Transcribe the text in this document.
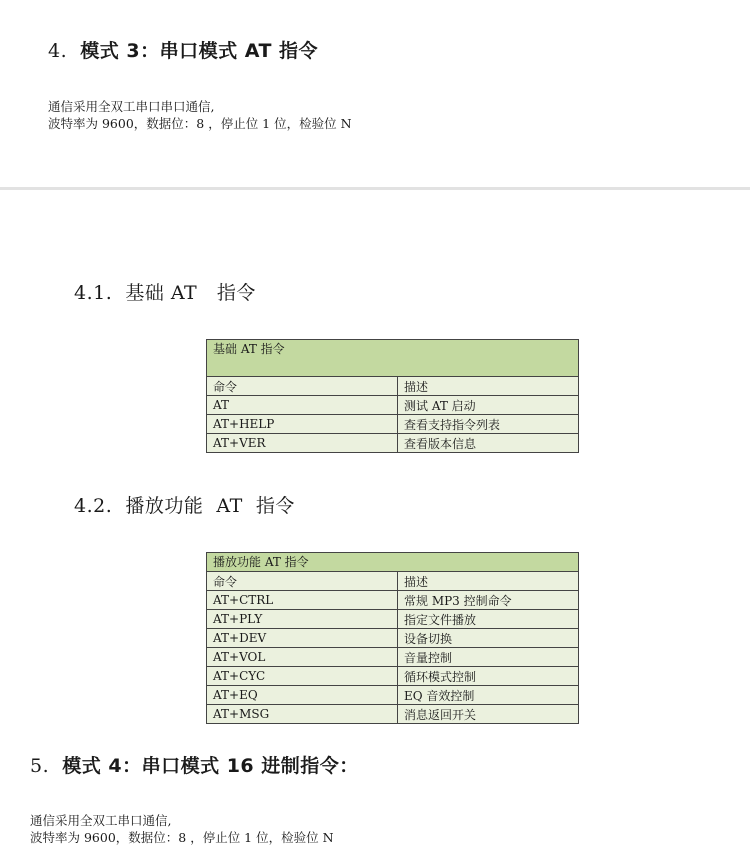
4. 模式 3：串口模式 AT 指令
通信采用全双工串口串口通信,
波特率为 9600，数据位：8 ，停止位 1 位，检验位 N
4.1.  基础 AT   指令
基础 AT 指令	
命令	描述
AT	测试 AT 启动
AT+HELP	查看支持指令列表
AT+VER	查看版本信息
4.2.  播放功能  AT  指令
播放功能 AT 指令	
命令	描述
AT+CTRL	常规 MP3 控制命令
AT+PLY	指定文件播放
AT+DEV	设备切换
AT+VOL	音量控制
AT+CYC	循环模式控制
AT+EQ	EQ 音效控制
AT+MSG	消息返回开关
5. 模式 4：串口模式 16 进制指令：
通信采用全双工串口通信,
波特率为 9600，数据位：8 ，停止位 1 位，检验位 N
